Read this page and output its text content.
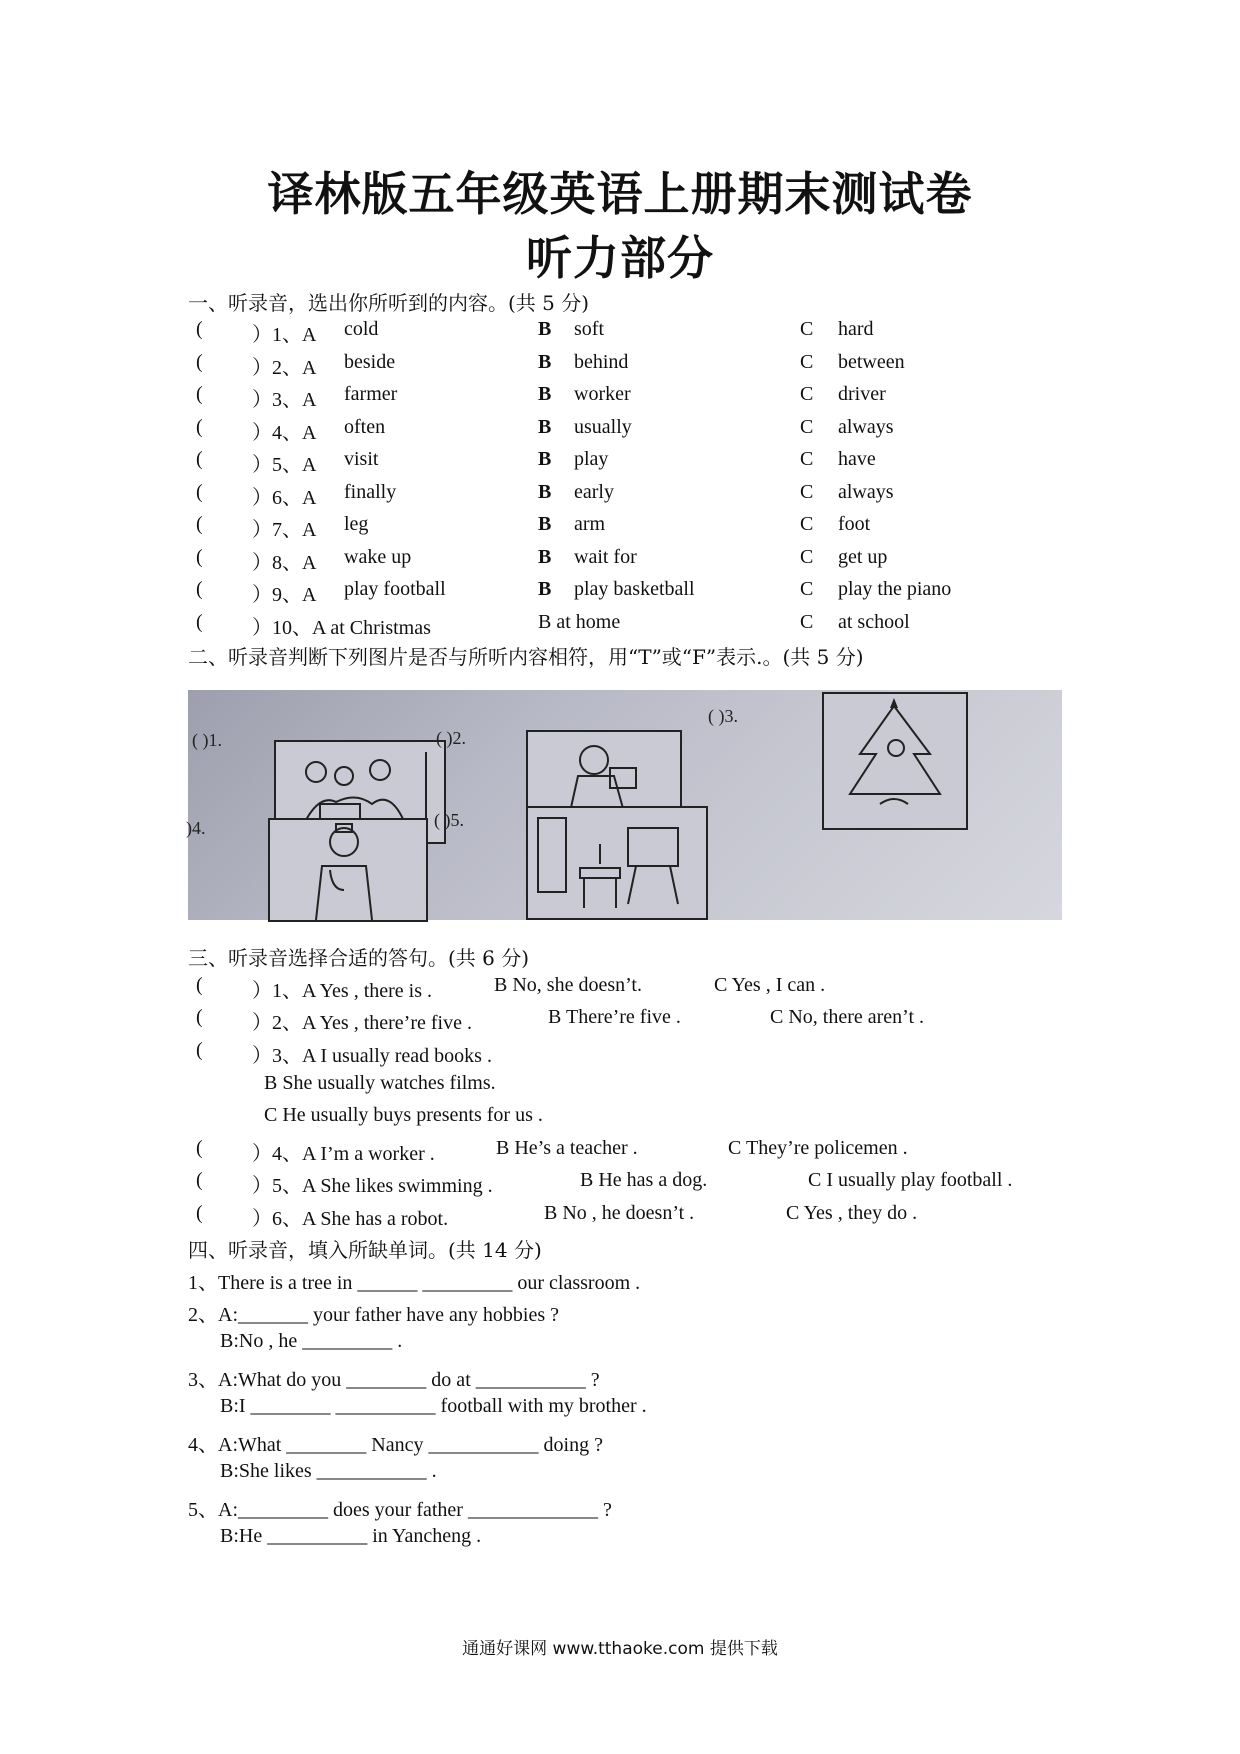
译林版五年级英语上册期末测试卷
听力部分
一、听录音，选出你所听到的内容。(共 5 分)
( ）1、A cold	B soft	C hard
( ）2、A beside	B behind	C between
( ）3、A farmer	B worker	C driver
( ）4、A often	B usually	C always
( ）5、A visit	B play	C have
( ）6、A finally	B early	C always
( ）7、A leg	B arm	C foot
( ）8、A wake up	B wait for	C get up
( ）9、A play football	B play basketball	C play the piano
( ）10、A at Christmas	B at home	C at school
二、听录音判断下列图片是否与所听内容相符，用“T”或“F”表示.。(共 5 分)
( )1.	( )2.
( )3.
)4.	( )5.
三、听录音选择合适的答句。(共 6 分)
( ）1、A Yes , there is .	B No, she doesn’t.	C Yes , I can .
( ）2、A Yes , there’re five .	B There’re five .	C No, there aren’t .
( ）3、A I usually read books .
B She usually watches films.
C He usually buys presents for us .
( ）4、A I’m a worker .	B He’s a teacher .	C They’re policemen .
( ）5、A She likes swimming .	B He has a dog.	C I usually play football .
( ）6、A She has a robot.	B No , he doesn’t .	C Yes , they do .
四、听录音，填入所缺单词。(共 14 分)
1、There is a tree in ______ _________ our classroom .
2、A:_______ your father have any hobbies ?
B:No , he _________ .
3、A:What do you ________ do at ___________ ?
B:I ________ __________ football with my brother .
4、A:What ________ Nancy ___________ doing ?
B:She likes ___________ .
5、A:_________ does your father _____________ ?
B:He __________ in Yancheng .
通通好课网 www.tthaoke.com 提供下载
